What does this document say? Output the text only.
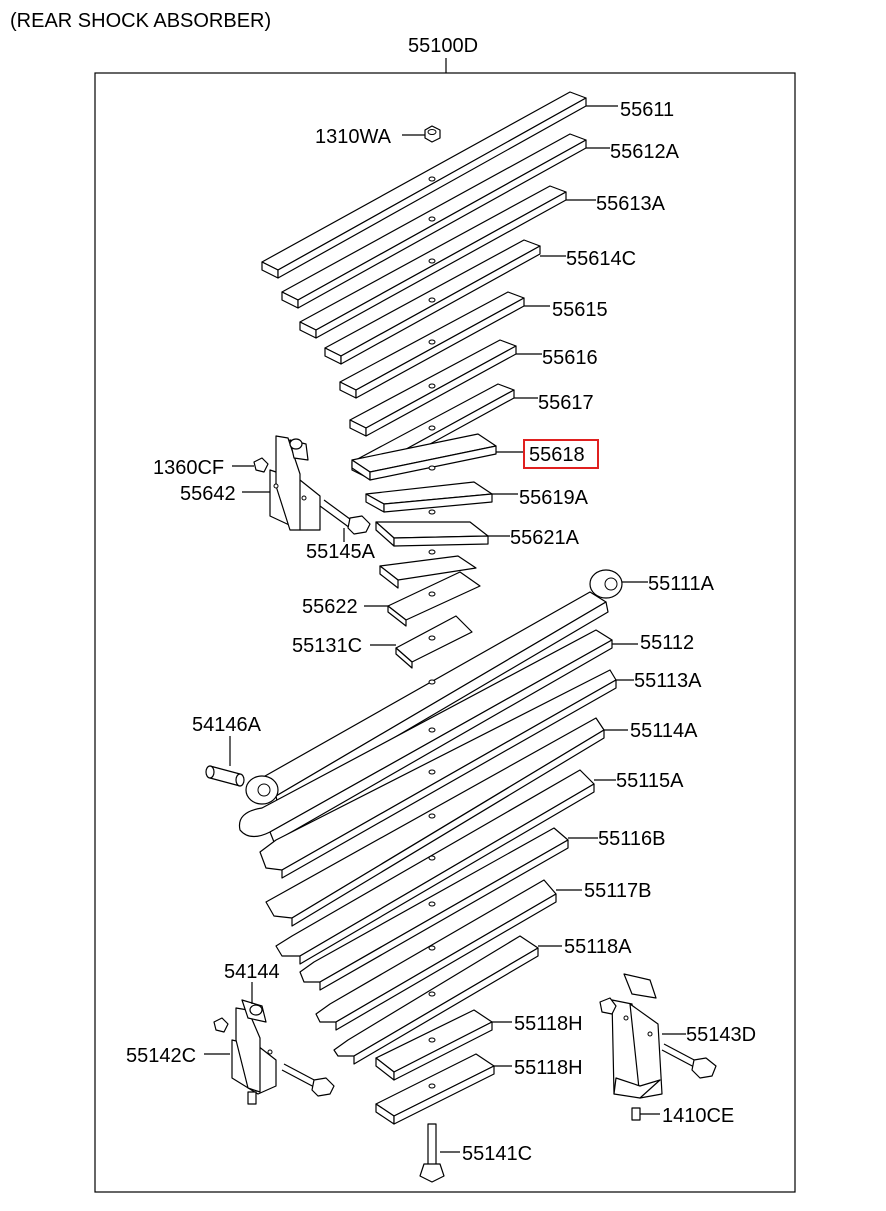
(REAR SHOCK ABSORBER)
55100D
55611
1310WA
55612A
55613A
55614C
55615
55616
55617
55618
55619A
55621A
1360CF
55642
55145A
55622
55131C
55111A
55112
55113A
54146A	55114A
55115A
55116B
55117B
55118A
54144
55118H	55143D
55142C
55118H
1410CE
55141C
